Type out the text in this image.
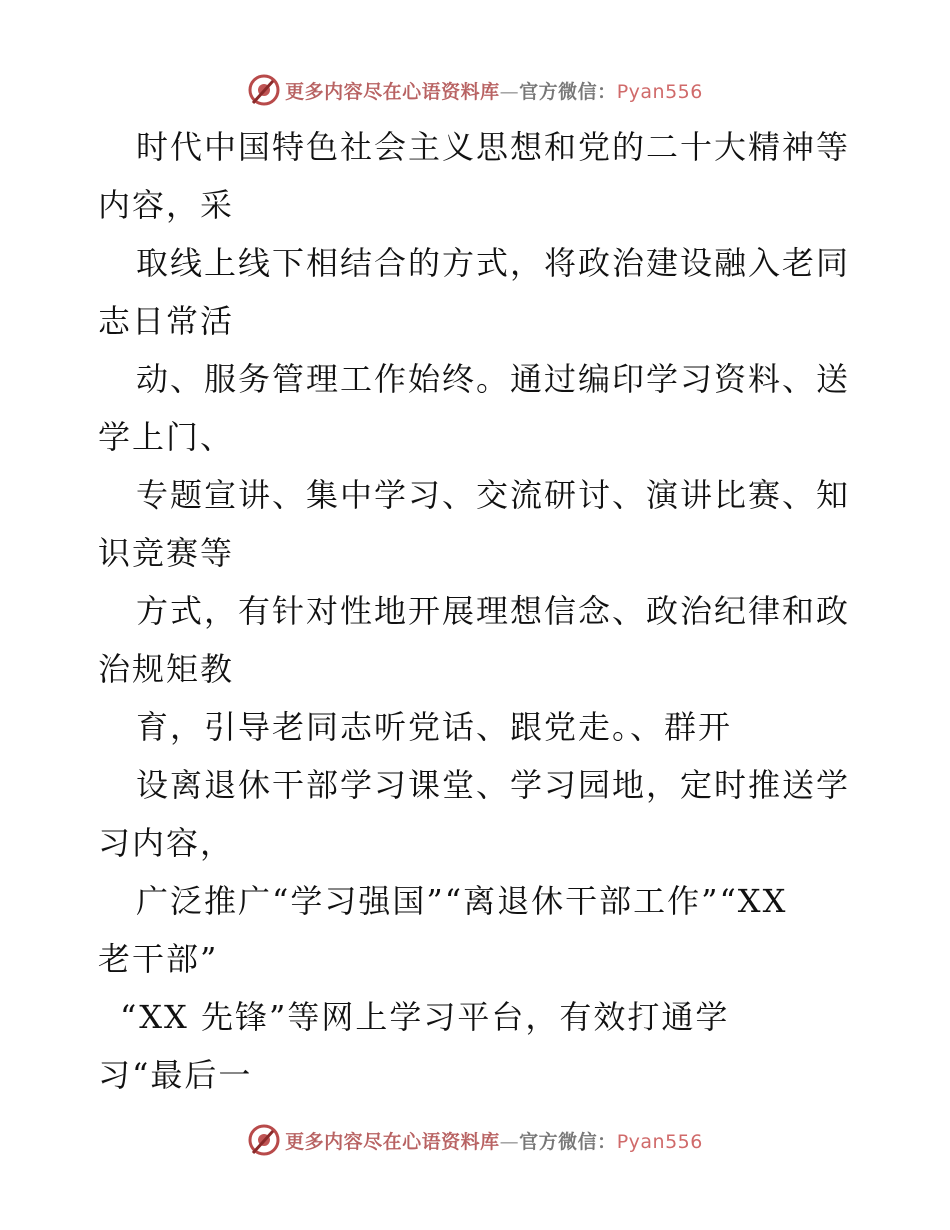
更多内容尽在心语资料库—官方微信：Pyan556
时代中国特色社会主义思想和党的二十大精神等
内容，采
取线上线下相结合的方式，将政治建设融入老同
志日常活
动、服务管理工作始终。通过编印学习资料、送
学上门、
专题宣讲、集中学习、交流研讨、演讲比赛、知
识竞赛等
方式，有针对性地开展理想信念、政治纪律和政
治规矩教
育，引导老同志听党话、跟党走。、群开
设离退休干部学习课堂、学习园地，定时推送学
习内容，
广泛推广“学习强国”“离退休干部工作”“XX
老干部”
“XX 先锋”等网上学习平台，有效打通学
习“最后一
更多内容尽在心语资料库—官方微信：Pyan556
